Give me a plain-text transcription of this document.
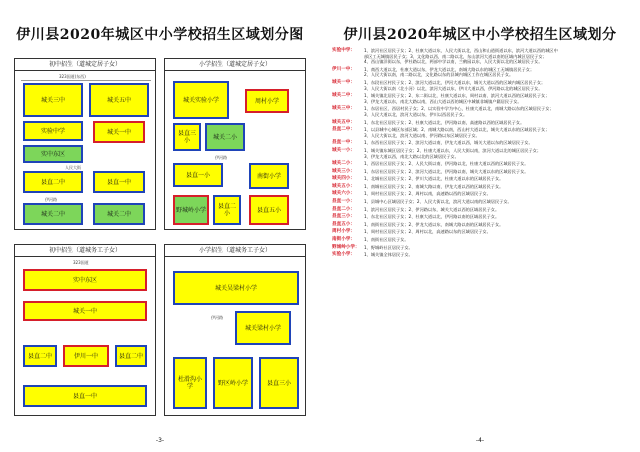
伊川县2020年城区中小学校招生区域划分图
初中招生（道城定居子女）
323国道(东西)
城关三中	城关五中
实验中学
实中东区
城关一中
人民大街
县直二中	县直一中
伊河路
城关二中	城关二中
小学招生（道城定居子女）
城关实验小学	周村小学
县直三小	城关二小
伊河路
县直一小	南街小学
野城岭小学	县直二小	县直五小
初中招生（道城务工子女）
323国道
实中东区
城关一中
县直二中	伊川一中	县直二中
县直一中
小学招生（道城务工子女）
城关吴梁村小学
城关梁村小学
伊河路
杜滑沟小学	野区岭小学	县直三小
-3-
伊川县2020年城区中小学校招生区域划分
实验中学：	1、滨河社区居民子女；2、杜康大道以东，人民大街以北，西山和山道街道以东，滨河大道以西的城区中
部区工无城镇居民子女；3、文化路以西，南二路以北，东山滨河大道以南的区域内城区居民子女；
4、西山镇洋街以东，伊杜路以北，两部中学以南，兰鹤园以东，人民大街以北的区域居民子女。
伊川一中：	1、商西大道以北，杜康大道以东，伊龙大道以北，南城大路以东的城区工无城镇居民子女；
2、人民大街以南，南二路以北，文化路以东的县城内城区工作在城区居民子女。
城关一中：	1、东段社区村民子女；2、滨河大道以北，伊河大道以东，城关大道以西的区域内城区居民子女；
3、人民大街以南（北小河）以北，滨河大道以东，伊川大道以西，伊河路以北的城区居民子女。
城关二中：	1、城关镇北居民子女；2、东二街以北，杜康大道以东，周村以南、滨河大道以西的区域居民子女；
3、伊龙大道以东，南北大路以南，西山大道以西的城区中城镇非城镇户籍居民子女。
城关三中：	1、东居社区、西居村民子女；2、以实验中学为中心，杜康大道以北，南城大路以东的区域居民子女；
3、人民大道以北，滨河大道以东，伊川以西居民子女。
城关五中：	1、东北社区居民子女；2、杜康大道以北，伊河路以南，高速路以西的区域居民子女。
县直二中：	1、以县城中心城区东部区域；2、南城大路以南，西山村大道以北，城关大道以东的区域居民子女；
3、人民大街以北，滨河大道以南、伊河路以东区域居民子女。
县直一中：	1、东西社区居民子女；2、滨河大道以南，伊龙大道以西，城关大道以东的区域居民子女。
城关一小：	1、城关镇东城区居民子女；2、杜康大道以东，人民大街以南，滨河大道以北的城区居民子女；
3、伊龙大道以西，南北大路以北的区域居民子女。
城关二小：	1、西居社区居民子女；2、人民大街以南，伊河路以北，杜康大道以西的区域居民子女。
城关三小：	1、东居社区居民子女；2、滨河大道以北，伊河路以南，城关大道以东的区域居民子女。
城关四小：	1、北城社区居民子女；2、伊川大道以北，杜康大道以东的区域居民子女。
城关五小：	1、南城社区居民子女；2、南城大路以南，伊龙大道以西的区域居民子女。
城关六小：	1、周村社区居民子女；2、周村以南，高速路以西的区域居民子女。
县直一小：	1、县城中心区域居民子女；2、人民大街以北，滨河大道以南的区域居民子女。
县直二小：	1、滨河社区居民子女；2、伊河路以东，城关大道以西的区域居民子女。
县直三小：	1、东北社区居民子女；2、杜康大道以北，伊河路以南的区域居民子女。
县直五小：	1、南街社区居民子女；2、伊龙大道以东，南城大路以南的区域居民子女。
周村小学：	1、周村社区居民子女；2、周村以北，高速路以东的区域居民子女。
南街小学：	1、南街社区居民子女。
野城岭小学：	1、野城岭社区居民子女。
实验小学：	1、城关镇全体居民子女。
-4-
